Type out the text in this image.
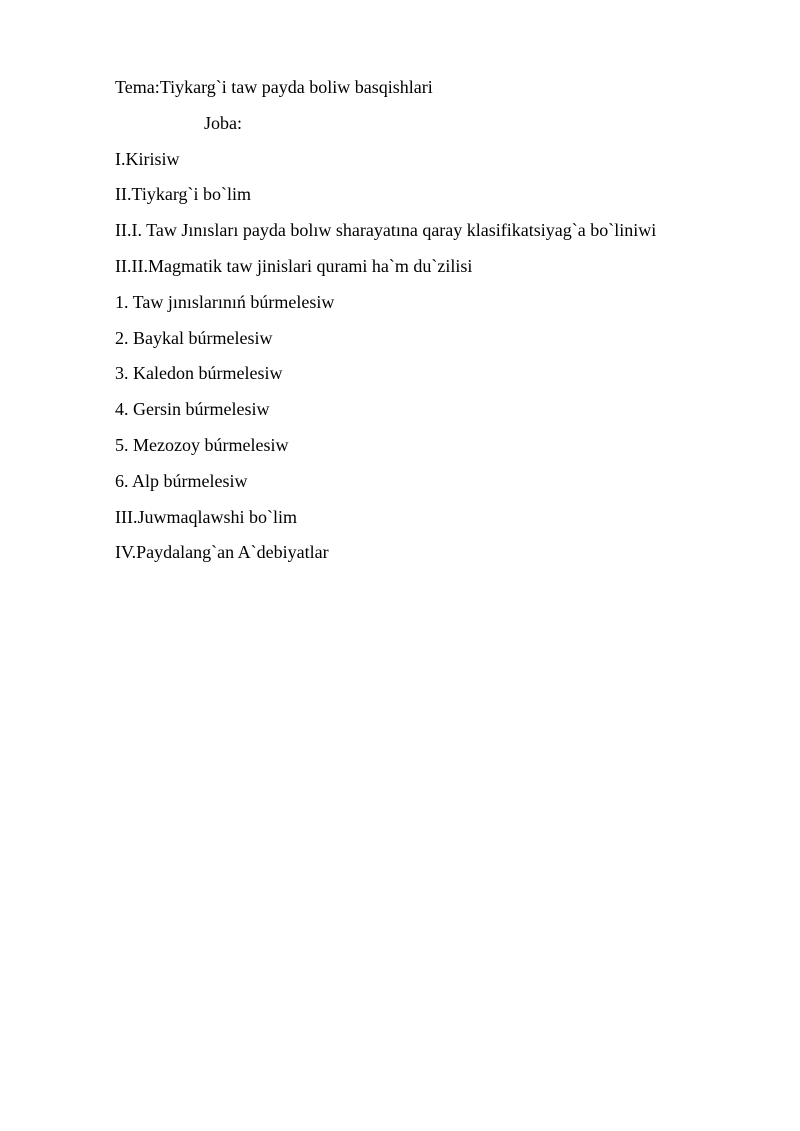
Tema:Tiykarg`i taw payda boliw basqishlari

Joba:

I.Kirisiw

II.Tiykarg`i bo`lim

II.I. Taw Jınısları payda bolıw sharayatına qaray klasifikatsiyag`a bo`liniwi

II.II.Magmatik taw jinislari qurami ha`m du`zilisi

1. Taw jınıslarınıń búrmelesiw

2. Baykal búrmelesiw

3. Kaledon búrmelesiw

4. Gersin búrmelesiw

5. Mezozoy búrmelesiw

6. Alp búrmelesiw

III.Juwmaqlawshi bo`lim

IV.Paydalang`an A`debiyatlar
